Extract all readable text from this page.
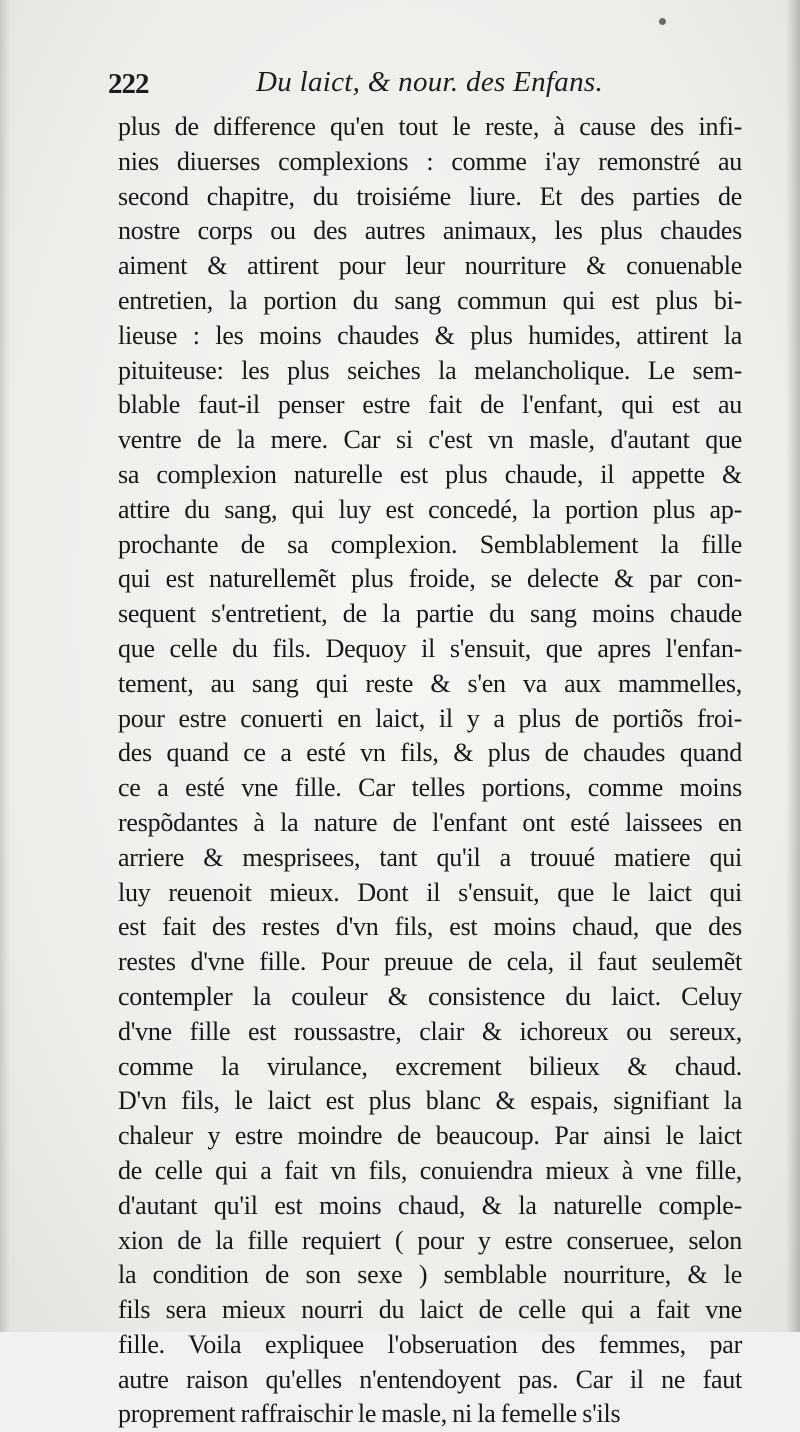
222	Du laict, & nour. des Enfans.
plus de difference qu'en tout le reste, à cause des infi-
nies diuerses complexions : comme i'ay remonstré au
second chapitre, du troisiéme liure. Et des parties de
nostre corps ou des autres animaux, les plus chaudes
aiment & attirent pour leur nourriture & conuenable
entretien, la portion du sang commun qui est plus bi-
lieuse : les moins chaudes & plus humides, attirent la
pituiteuse: les plus seiches la melancholique. Le sem-
blable faut-il penser estre fait de l'enfant, qui est au
ventre de la mere. Car si c'est vn masle, d'autant que
sa complexion naturelle est plus chaude, il appette &
attire du sang, qui luy est concedé, la portion plus ap-
prochante de sa complexion. Semblablement la fille
qui est naturellemẽt plus froide, se delecte & par con-
sequent s'entretient, de la partie du sang moins chaude
que celle du fils. Dequoy il s'ensuit, que apres l'enfan-
tement, au sang qui reste & s'en va aux mammelles,
pour estre conuerti en laict, il y a plus de portiõs froi-
des quand ce a esté vn fils, & plus de chaudes quand
ce a esté vne fille. Car telles portions, comme moins
respõdantes à la nature de l'enfant ont esté laissees en
arriere & mesprisees, tant qu'il a trouué matiere qui
luy reuenoit mieux. Dont il s'ensuit, que le laict qui
est fait des restes d'vn fils, est moins chaud, que des
restes d'vne fille. Pour preuue de cela, il faut seulemẽt
contempler la couleur & consistence du laict. Celuy
d'vne fille est roussastre, clair & ichoreux ou sereux,
comme la virulance, excrement bilieux & chaud.
D'vn fils, le laict est plus blanc & espais, signifiant la
chaleur y estre moindre de beaucoup. Par ainsi le laict
de celle qui a fait vn fils, conuiendra mieux à vne fille,
d'autant qu'il est moins chaud, & la naturelle comple-
xion de la fille requiert ( pour y estre conseruee, selon
la condition de son sexe ) semblable nourriture, & le
fils sera mieux nourri du laict de celle qui a fait vne
fille. Voila expliquee l'obseruation des femmes, par
autre raison qu'elles n'entendoyent pas. Car il ne faut
proprement raffraischir le masle, ni la femelle s'ils
